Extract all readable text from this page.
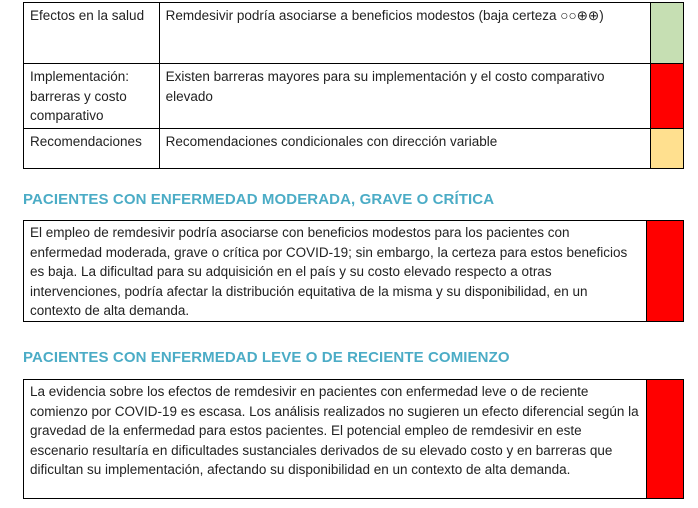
Efectos en la salud	Remdesivir podría asociarse a beneficios modestos (baja certeza ○○⊕⊕)	
Implementación: barreras y costo comparativo	Existen barreras mayores para su implementación y el costo comparativo elevado	
Recomendaciones	Recomendaciones condicionales con dirección variable	
PACIENTES CON ENFERMEDAD MODERADA, GRAVE O CRÍTICA
El empleo de remdesivir podría asociarse con beneficios modestos para los pacientes con enfermedad moderada, grave o crítica por COVID-19; sin embargo, la certeza para estos beneficios es baja. La dificultad para su adquisición en el país y su costo elevado respecto a otras intervenciones, podría afectar la distribución equitativa de la misma y su disponibilidad, en un contexto de alta demanda.
PACIENTES CON ENFERMEDAD LEVE O DE RECIENTE COMIENZO
La evidencia sobre los efectos de remdesivir en pacientes con enfermedad leve o de reciente comienzo por COVID-19 es escasa. Los análisis realizados no sugieren un efecto diferencial según la gravedad de la enfermedad para estos pacientes. El potencial empleo de remdesivir en este escenario resultaría en dificultades sustanciales derivados de su elevado costo y en barreras que dificultan su implementación, afectando su disponibilidad en un contexto de alta demanda.
